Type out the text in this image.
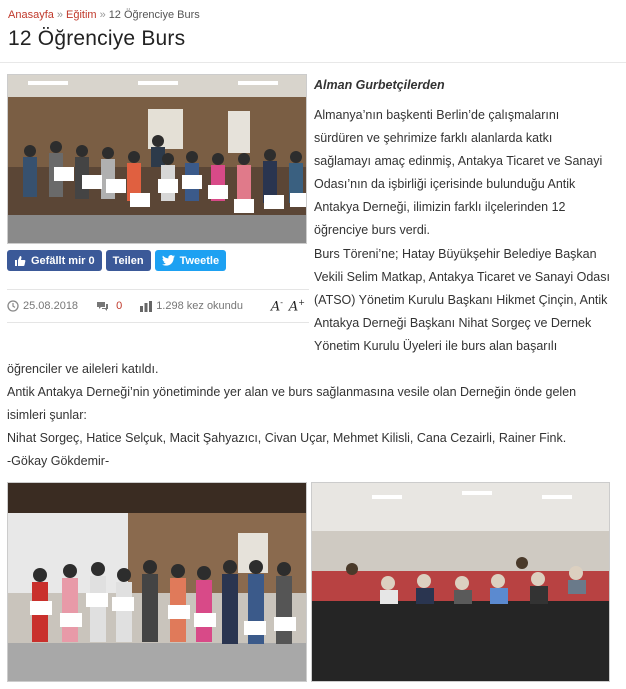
Anasayfa » Eğitim » 12 Öğrenciye Burs
12 Öğrenciye Burs
Alman Gurbetçilerden
Almanya’nın başkenti Berlin’de çalışmalarını
sürdüren ve şehrimize farklı alanlarda katkı
sağlamayı amaç edinmiş, Antakya Ticaret ve Sanayi
Odası’nın da işbirliği içerisinde bulunduğu Antik
Antakya Derneği, ilimizin farklı ilçelerinden 12
öğrenciye burs verdi.
Burs Töreni’ne; Hatay Büyükşehir Belediye Başkan
Vekili Selim Matkap, Antakya Ticaret ve Sanayi Odası
(ATSO) Yönetim Kurulu Başkanı Hikmet Çinçin, Antik
Antakya Derneği Başkanı Nihat Sorgeç ve Dernek
Yönetim Kurulu Üyeleri ile burs alan başarılı
öğrenciler ve aileleri katıldı.
Antik Antakya Derneği’nin yönetiminde yer alan ve burs sağlanmasına vesile olan Derneğin önde gelen
isimleri şunlar:
Nihat Sorgeç, Hatice Selçuk, Macit Şahyazıcı, Civan Uçar, Mehmet Kilisli, Cana Cezairli, Rainer Fink.
-Gökay Gökdemir-
Gefällt mir 0 Teilen	Tweetle
25.08.2018	0	1.298 kez okundu A- A+
